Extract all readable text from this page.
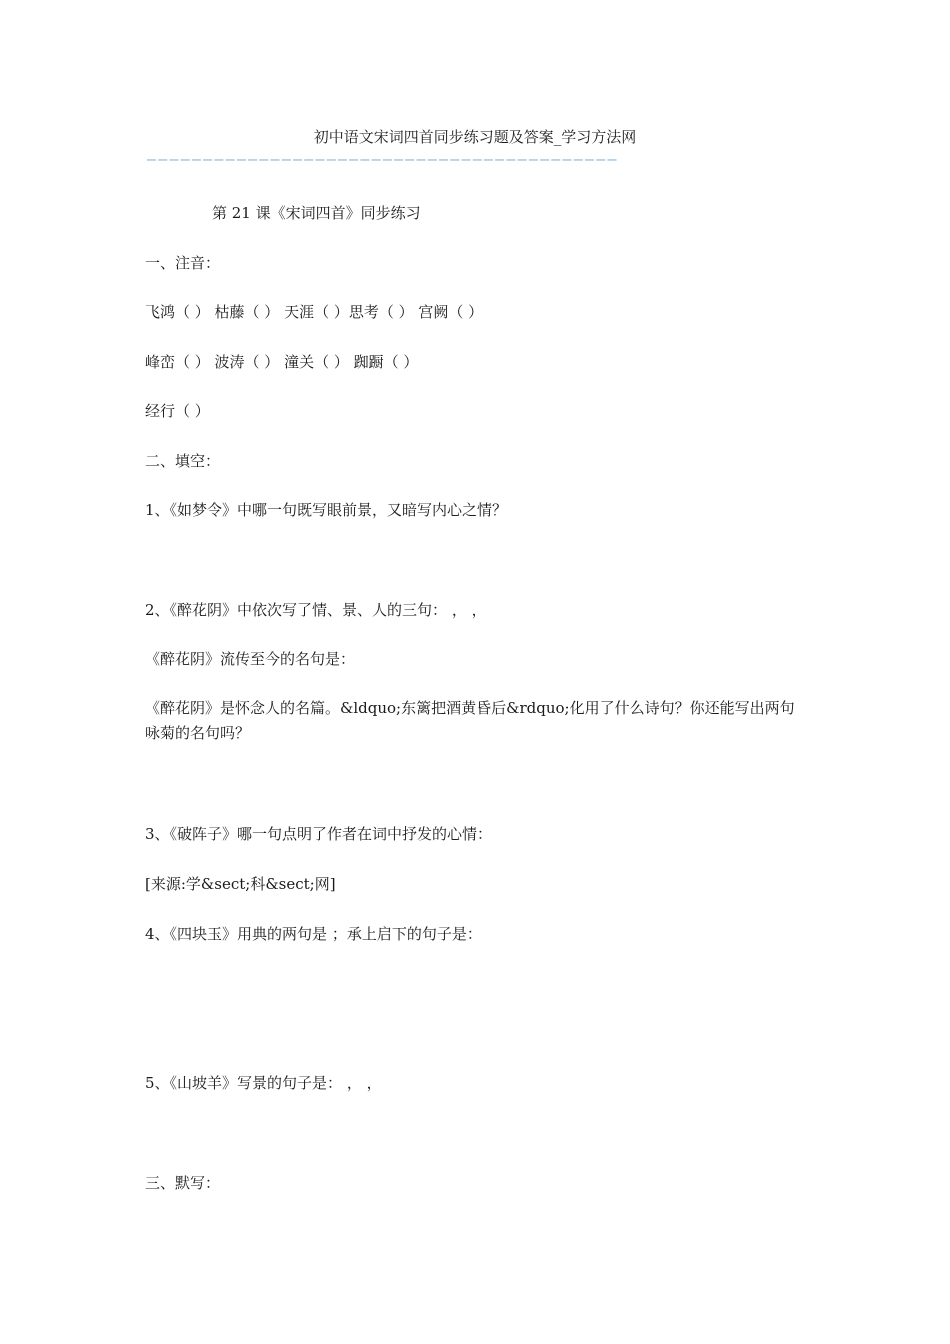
初中语文宋词四首同步练习题及答案_学习方法网
——————————————————————————————————————————
第 21 课《宋词四首》同步练习
一、注音：
飞鸿（ ） 枯藤（ ） 天涯（ ）思考（ ） 宫阙（ ）
峰峦（ ） 波涛（ ） 潼关（ ） 踟蹰（ ）
经行（ ）
二、填空：
1、《如梦令》中哪一句既写眼前景，又暗写内心之情？
2、《醉花阴》中依次写了情、景、人的三句： ， ，
《醉花阴》流传至今的名句是：
《醉花阴》是怀念人的名篇。&ldquo;东篱把酒黄昏后&rdquo;化用了什么诗句？你还能写出两句咏菊的名句吗？
3、《破阵子》哪一句点明了作者在词中抒发的心情：
[来源:学&sect;科&sect;网]
4、《四块玉》用典的两句是 ；承上启下的句子是：
5、《山坡羊》写景的句子是： ， ，
三、默写：
